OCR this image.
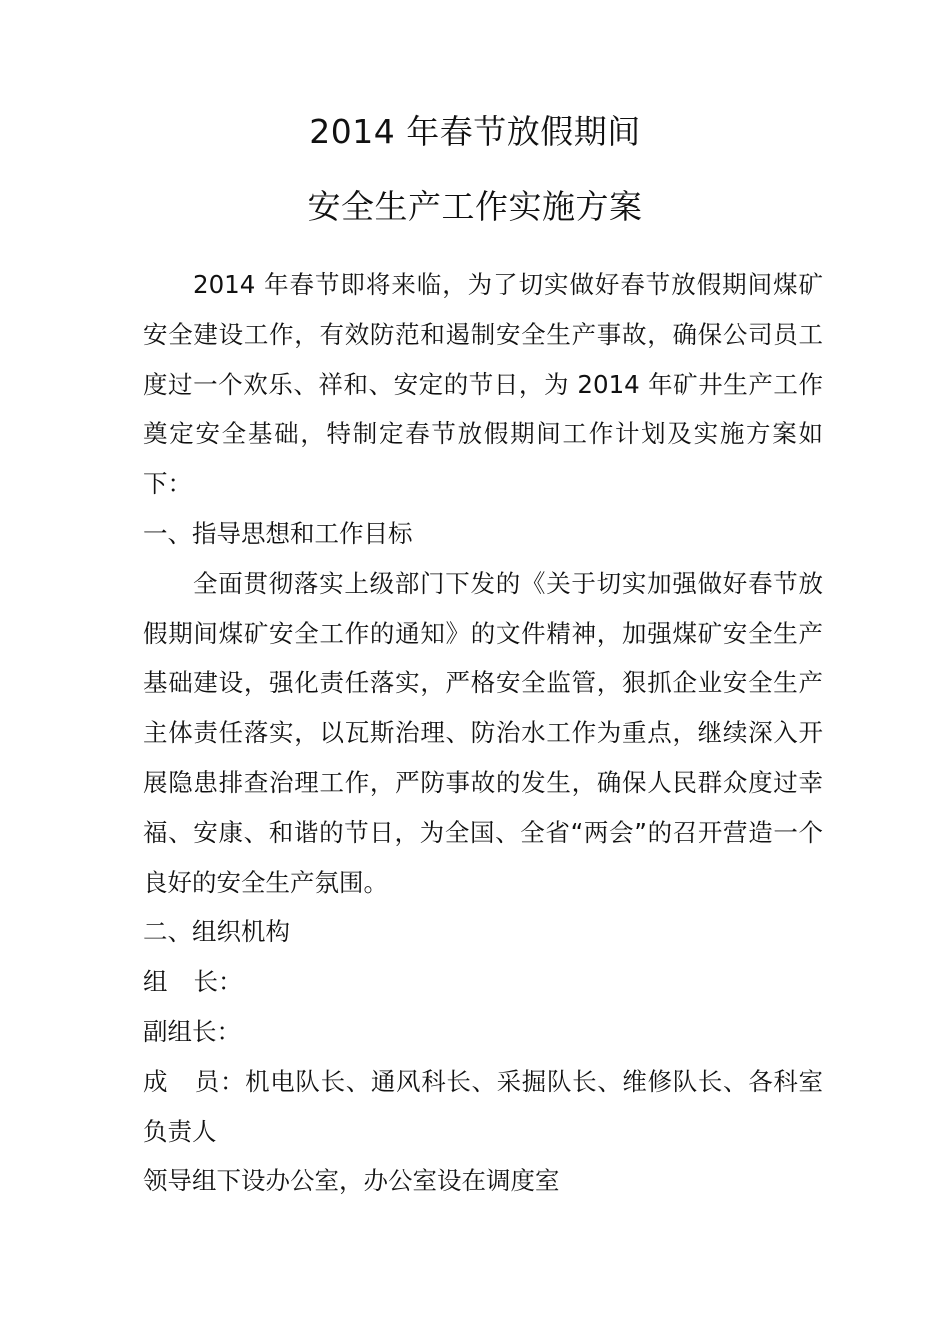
2014 年春节放假期间
安全生产工作实施方案

2014 年春节即将来临，为了切实做好春节放假期间煤矿安全建设工作，有效防范和遏制安全生产事故，确保公司员工度过一个欢乐、祥和、安定的节日，为 2014 年矿井生产工作奠定安全基础，特制定春节放假期间工作计划及实施方案如下：

一、指导思想和工作目标

全面贯彻落实上级部门下发的《关于切实加强做好春节放假期间煤矿安全工作的通知》的文件精神，加强煤矿安全生产基础建设，强化责任落实，严格安全监管，狠抓企业安全生产主体责任落实，以瓦斯治理、防治水工作为重点，继续深入开展隐患排查治理工作，严防事故的发生，确保人民群众度过幸福、安康、和谐的节日，为全国、全省“两会”的召开营造一个良好的安全生产氛围。

二、组织机构

组 长：

副组长：

成 员：机电队长、通风科长、采掘队长、维修队长、各科室负责人

领导组下设办公室，办公室设在调度室
